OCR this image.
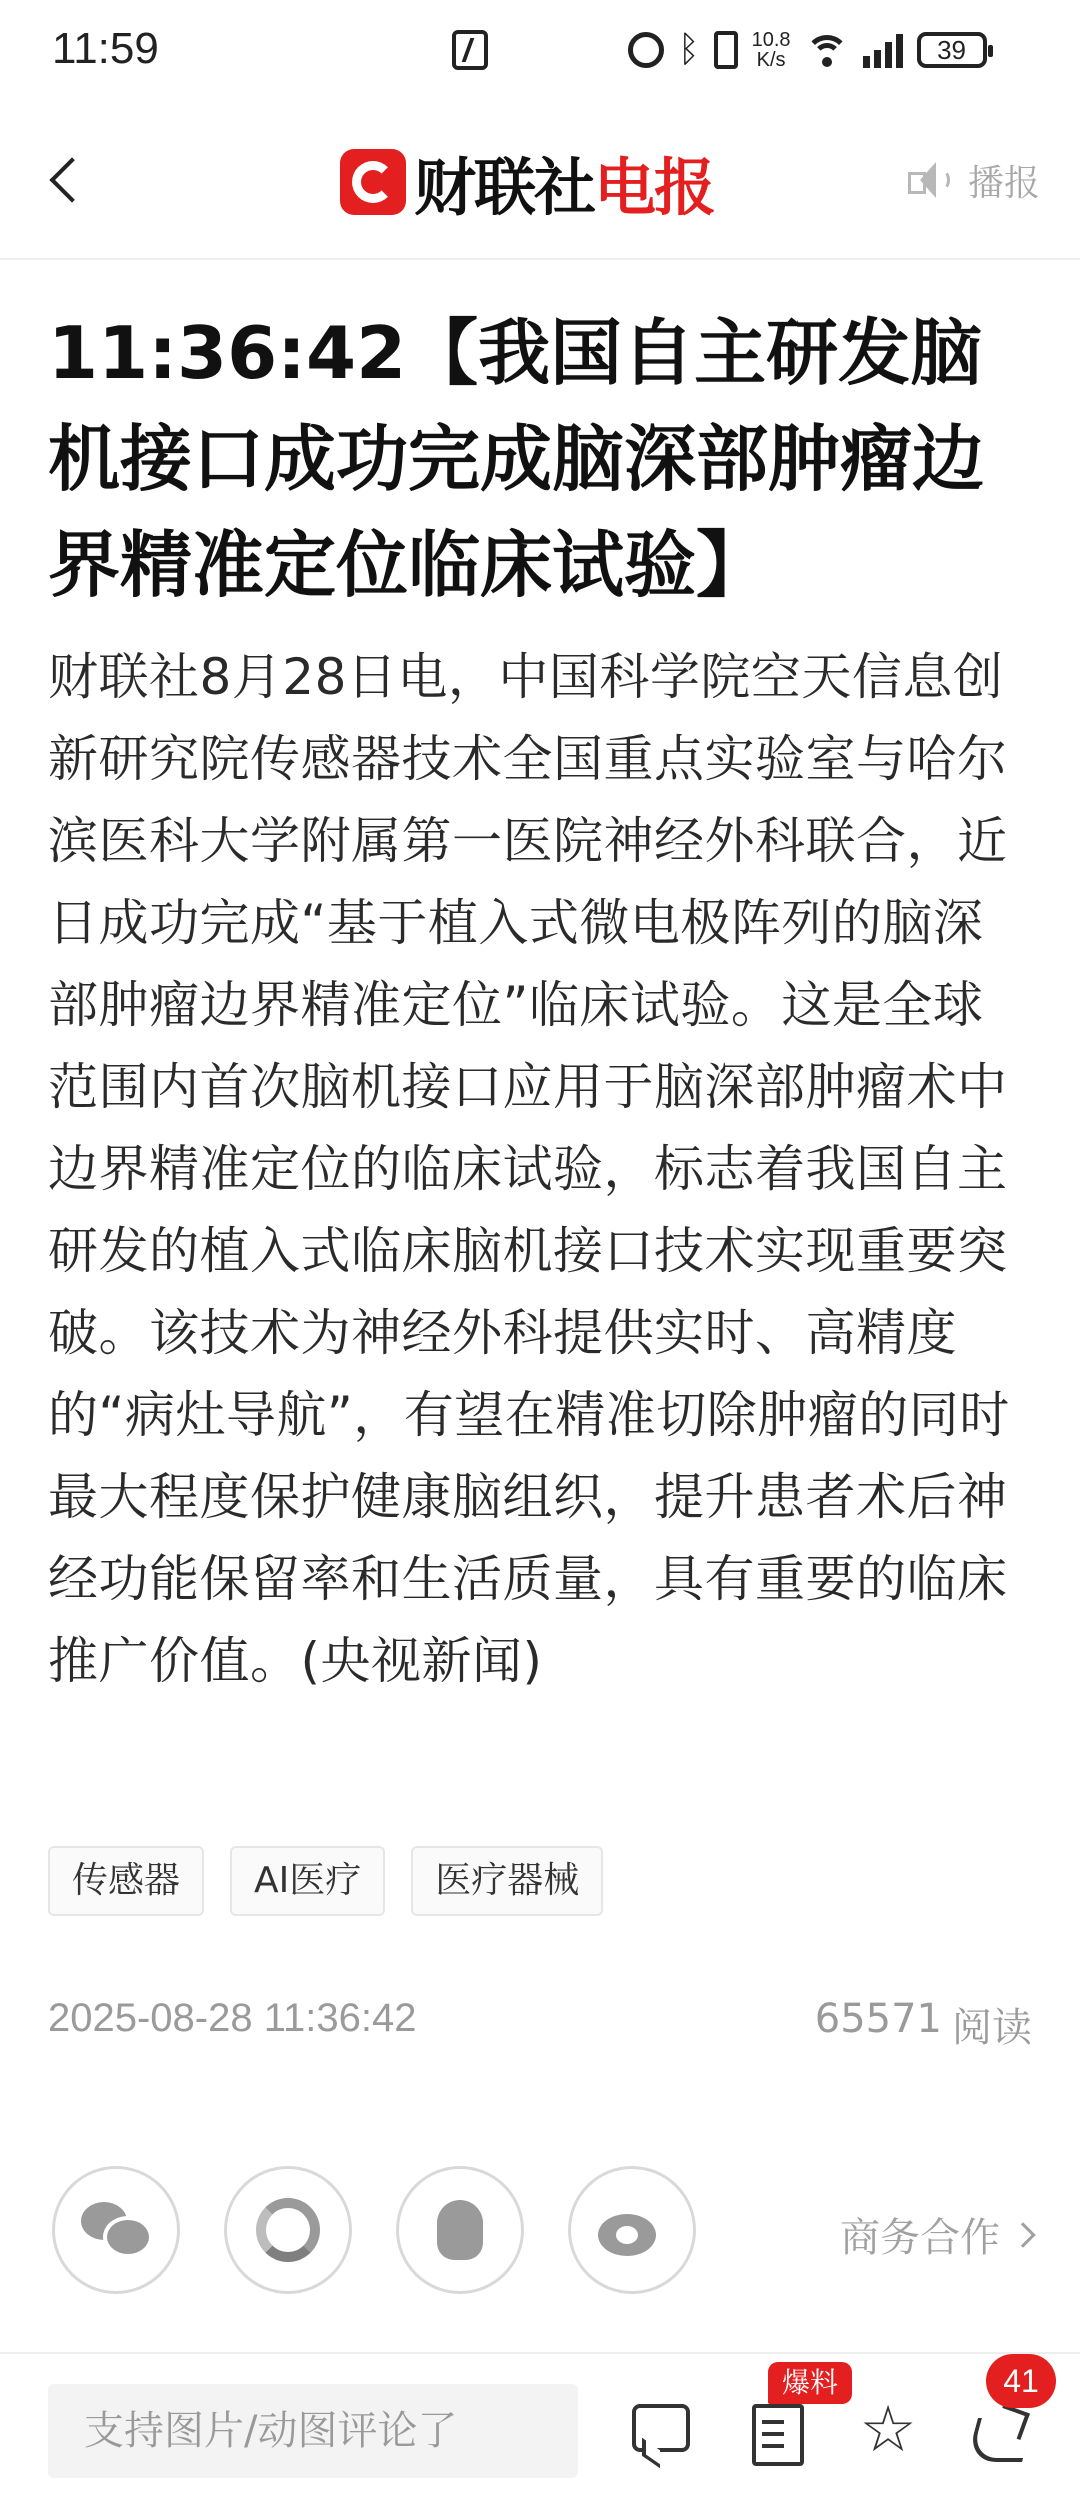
11:59	ᛒ	10.8
K/s	39
财联社 电报	播报
11:36:42【我国自主研发脑机接口成功完成脑深部肿瘤边界精准定位临床试验】

财联社8月28日电，中国科学院空天信息创新研究院传感器技术全国重点实验室与哈尔滨医科大学附属第一医院神经外科联合，近日成功完成“基于植入式微电极阵列的脑深部肿瘤边界精准定位”临床试验。这是全球范围内首次脑机接口应用于脑深部肿瘤术中边界精准定位的临床试验，标志着我国自主研发的植入式临床脑机接口技术实现重要突破。该技术为神经外科提供实时、高精度的“病灶导航”，有望在精准切除肿瘤的同时最大程度保护健康脑组织，提升患者术后神经功能保留率和生活质量，具有重要的临床推广价值。(央视新闻)

传感器	AI医疗	医疗器械
2025-08-28 11:36:42	65571 阅读
商务合作
支持图片/动图评论了
爆料
☆
41
